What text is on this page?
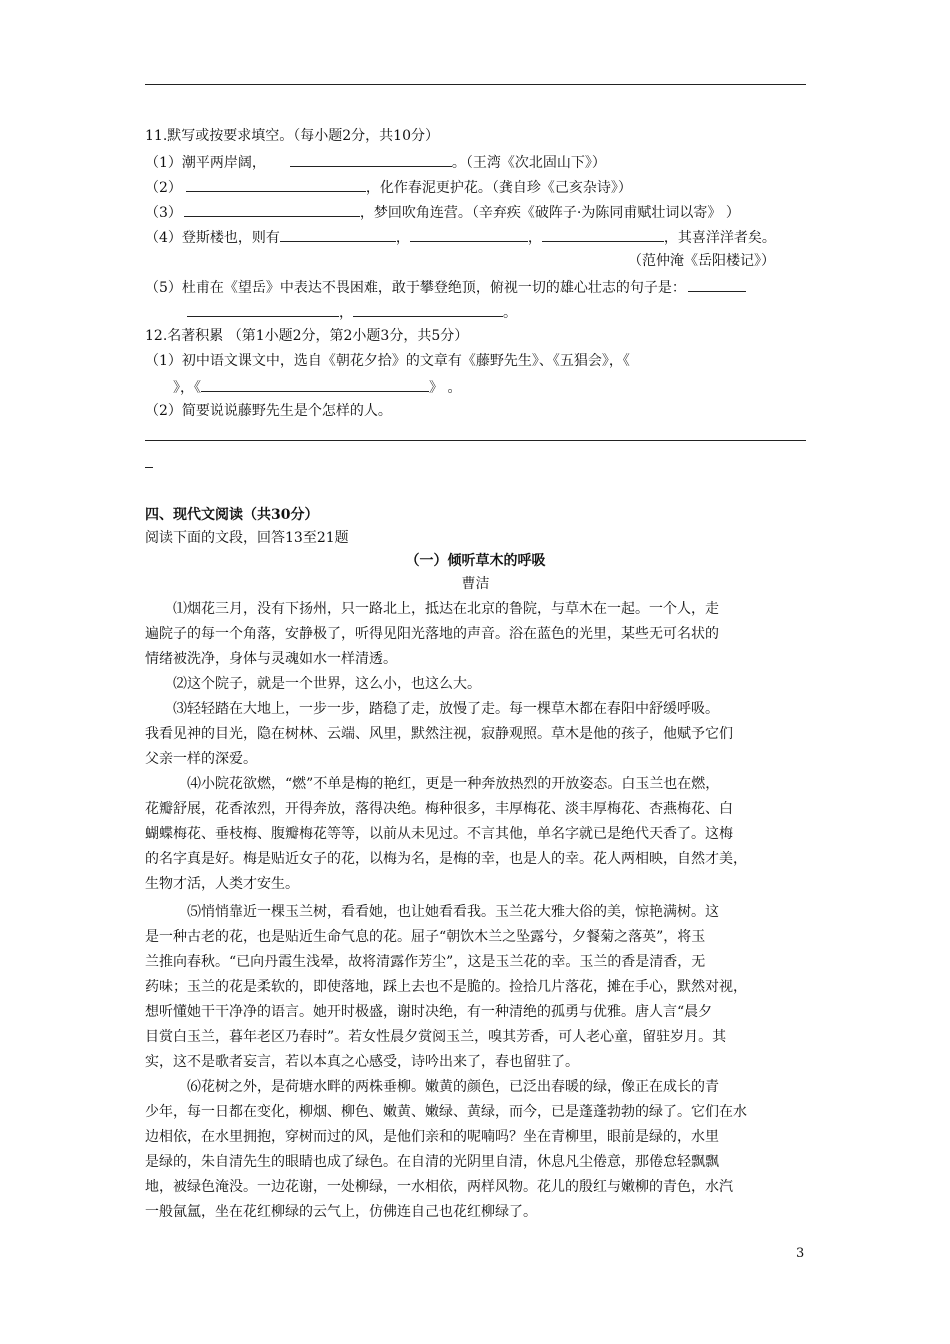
11.默写或按要求填空。（每小题2分，共10分）
（1）潮平两岸阔，	。（王湾《次北固山下》）
（2）	，化作春泥更护花。（龚自珍《己亥杂诗》）
（3）	，梦回吹角连营。（辛弃疾《破阵子·为陈同甫赋壮词以寄》 ）
（4）登斯楼也，则有	，	，	，其喜洋洋者矣。
（范仲淹《岳阳楼记》）
（5）杜甫在《望岳》中表达不畏困难，敢于攀登绝顶，俯视一切的雄心壮志的句子是：
，	。
12.名著积累 （第1小题2分，第2小题3分，共5分）
（1）初中语文课文中，选自《朝花夕拾》的文章有《藤野先生》、《五猖会》，《
》，《	》 。
（2）简要说说藤野先生是个怎样的人。
四、现代文阅读（共30分）
阅读下面的文段，回答13至21题
（一）倾听草木的呼吸
曹洁
⑴烟花三月，没有下扬州，只一路北上，抵达在北京的鲁院，与草木在一起。一个人，走
遍院子的每一个角落，安静极了，听得见阳光落地的声音。浴在蓝色的光里，某些无可名状的
情绪被洗净，身体与灵魂如水一样清透。
⑵这个院子，就是一个世界，这么小，也这么大。
⑶轻轻踏在大地上，一步一步，踏稳了走，放慢了走。每一棵草木都在春阳中舒缓呼吸。
我看见神的目光，隐在树林、云端、风里，默然注视，寂静观照。草木是他的孩子，他赋予它们
父亲一样的深爱。
⑷小院花欲燃，“燃”不单是梅的艳红，更是一种奔放热烈的开放姿态。白玉兰也在燃，
花瓣舒展，花香浓烈，开得奔放，落得决绝。梅种很多，丰厚梅花、淡丰厚梅花、杏燕梅花、白
蝴蝶梅花、垂枝梅、腹瓣梅花等等，以前从未见过。不言其他，单名字就已是绝代天香了。这梅
的名字真是好。梅是贴近女子的花，以梅为名，是梅的幸，也是人的幸。花人两相映，自然才美，
生物才活，人类才安生。
⑸悄悄靠近一棵玉兰树，看看她，也让她看看我。玉兰花大雅大俗的美，惊艳满树。这
是一种古老的花，也是贴近生命气息的花。屈子“朝饮木兰之坠露兮，夕餐菊之落英”，将玉
兰推向春秋。“已向丹霞生浅晕，故将清露作芳尘”，这是玉兰花的幸。玉兰的香是清香，无
药味；玉兰的花是柔软的，即使落地，踩上去也不是脆的。捡拾几片落花，摊在手心，默然对视，
想听懂她干干净净的语言。她开时极盛，谢时决绝，有一种清绝的孤勇与优雅。唐人言“晨夕
目赏白玉兰，暮年老区乃春时”。若女性晨夕赏阅玉兰，嗅其芳香，可人老心童，留驻岁月。其
实，这不是歌者妄言，若以本真之心感受，诗吟出来了，春也留驻了。
⑹花树之外，是荷塘水畔的两株垂柳。嫩黄的颜色，已泛出春暖的绿，像正在成长的青
少年，每一日都在变化，柳烟、柳色、嫩黄、嫩绿、黄绿，而今，已是蓬蓬勃勃的绿了。它们在水
边相依，在水里拥抱，穿树而过的风，是他们亲和的呢喃吗？坐在青柳里，眼前是绿的，水里
是绿的，朱自清先生的眼睛也成了绿色。在自清的光阴里自清，休息凡尘倦意，那倦怠轻飘飘
地，被绿色淹没。一边花谢，一处柳绿，一水相依，两样风物。花儿的殷红与嫩柳的青色，水汽
一般氤氲，坐在花红柳绿的云气上，仿佛连自己也花红柳绿了。
3
